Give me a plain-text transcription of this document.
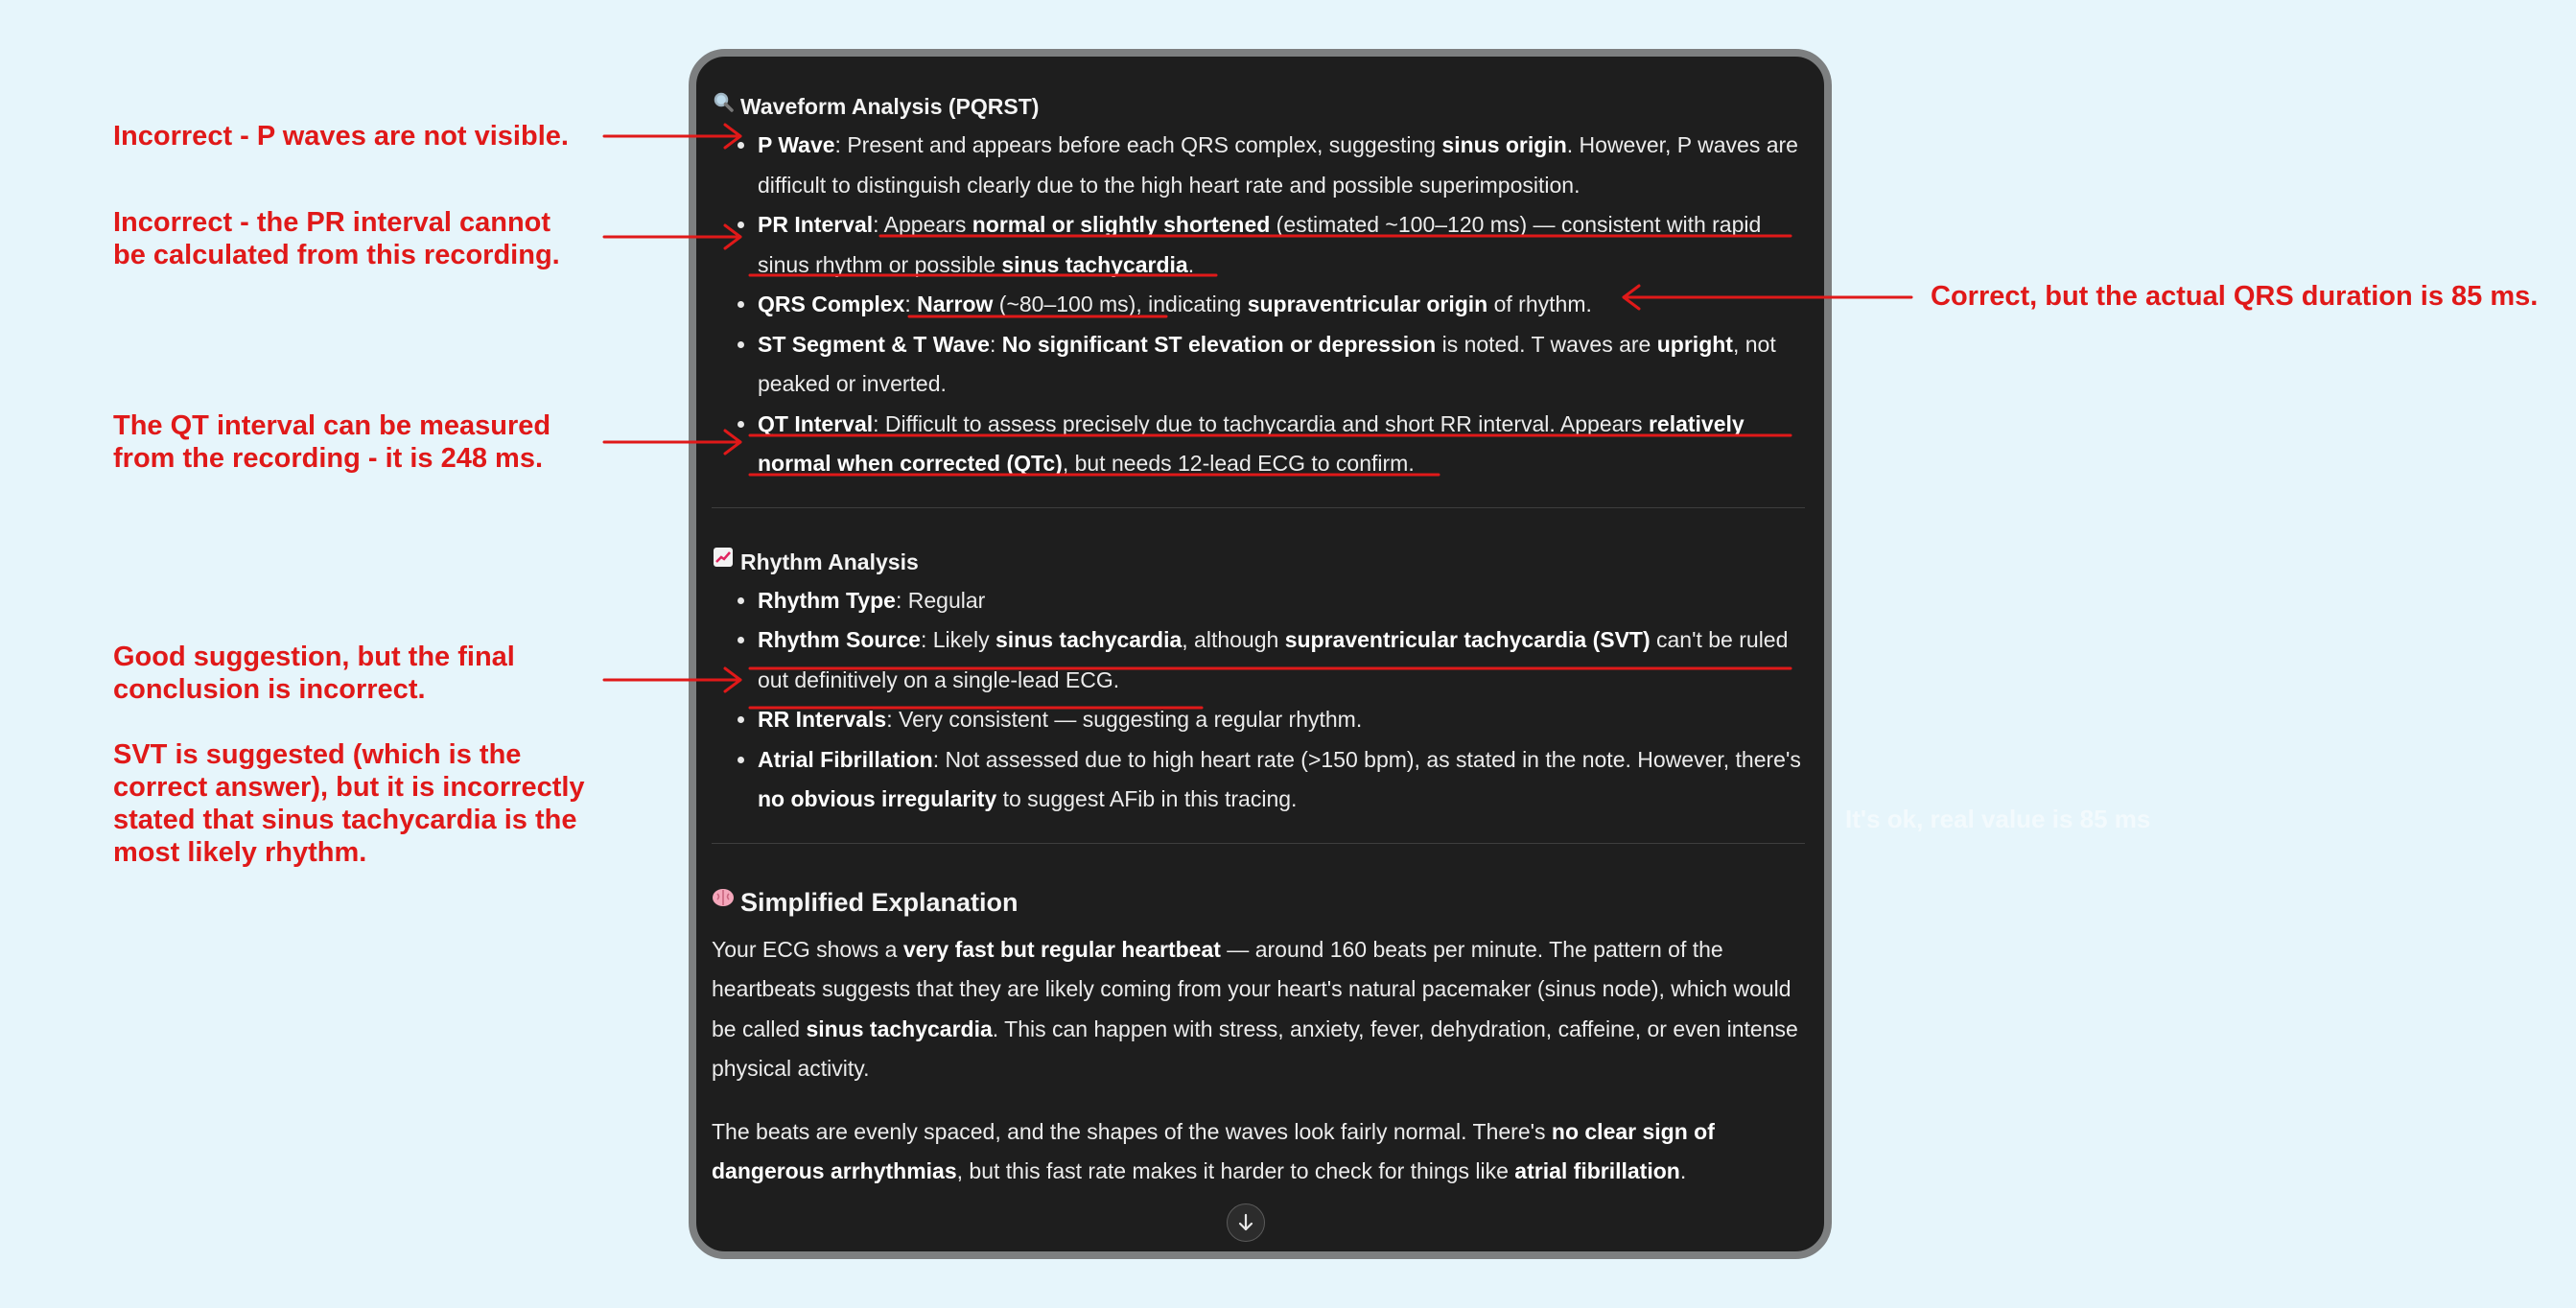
Incorrect - P waves are not visible.

Incorrect - the PR interval cannot
be calculated from this recording.

The QT interval can be measured
from the recording - it is 248 ms.

Good suggestion, but the final
conclusion is incorrect.

SVT is suggested (which is the
correct answer), but it is incorrectly
stated that sinus tachycardia is the
most likely rhythm.

Correct, but the actual QRS duration is 85 ms.

It's ok, real value is 85 ms
Waveform Analysis (PQRST)
• P Wave: Present and appears before each QRS complex, suggesting sinus origin. However, P waves are difficult to distinguish clearly due to the high heart rate and possible superimposition.
• PR Interval: Appears normal or slightly shortened (estimated ~100–120 ms) — consistent with rapid sinus rhythm or possible sinus tachycardia.
• QRS Complex: Narrow (~80–100 ms), indicating supraventricular origin of rhythm.
• ST Segment & T Wave: No significant ST elevation or depression is noted. T waves are upright, not peaked or inverted.
• QT Interval: Difficult to assess precisely due to tachycardia and short RR interval. Appears relatively normal when corrected (QTc), but needs 12-lead ECG to confirm.
Rhythm Analysis
• Rhythm Type: Regular
• Rhythm Source: Likely sinus tachycardia, although supraventricular tachycardia (SVT) can't be ruled out definitively on a single-lead ECG.
• RR Intervals: Very consistent — suggesting a regular rhythm.
• Atrial Fibrillation: Not assessed due to high heart rate (>150 bpm), as stated in the note. However, there's no obvious irregularity to suggest AFib in this tracing.
Simplified Explanation

Your ECG shows a very fast but regular heartbeat — around 160 beats per minute. The pattern of the heartbeats suggests that they are likely coming from your heart's natural pacemaker (sinus node), which would be called sinus tachycardia. This can happen with stress, anxiety, fever, dehydration, caffeine, or even intense physical activity.

The beats are evenly spaced, and the shapes of the waves look fairly normal. There's no clear sign of dangerous arrhythmias, but this fast rate makes it harder to check for things like atrial fibrillation.
